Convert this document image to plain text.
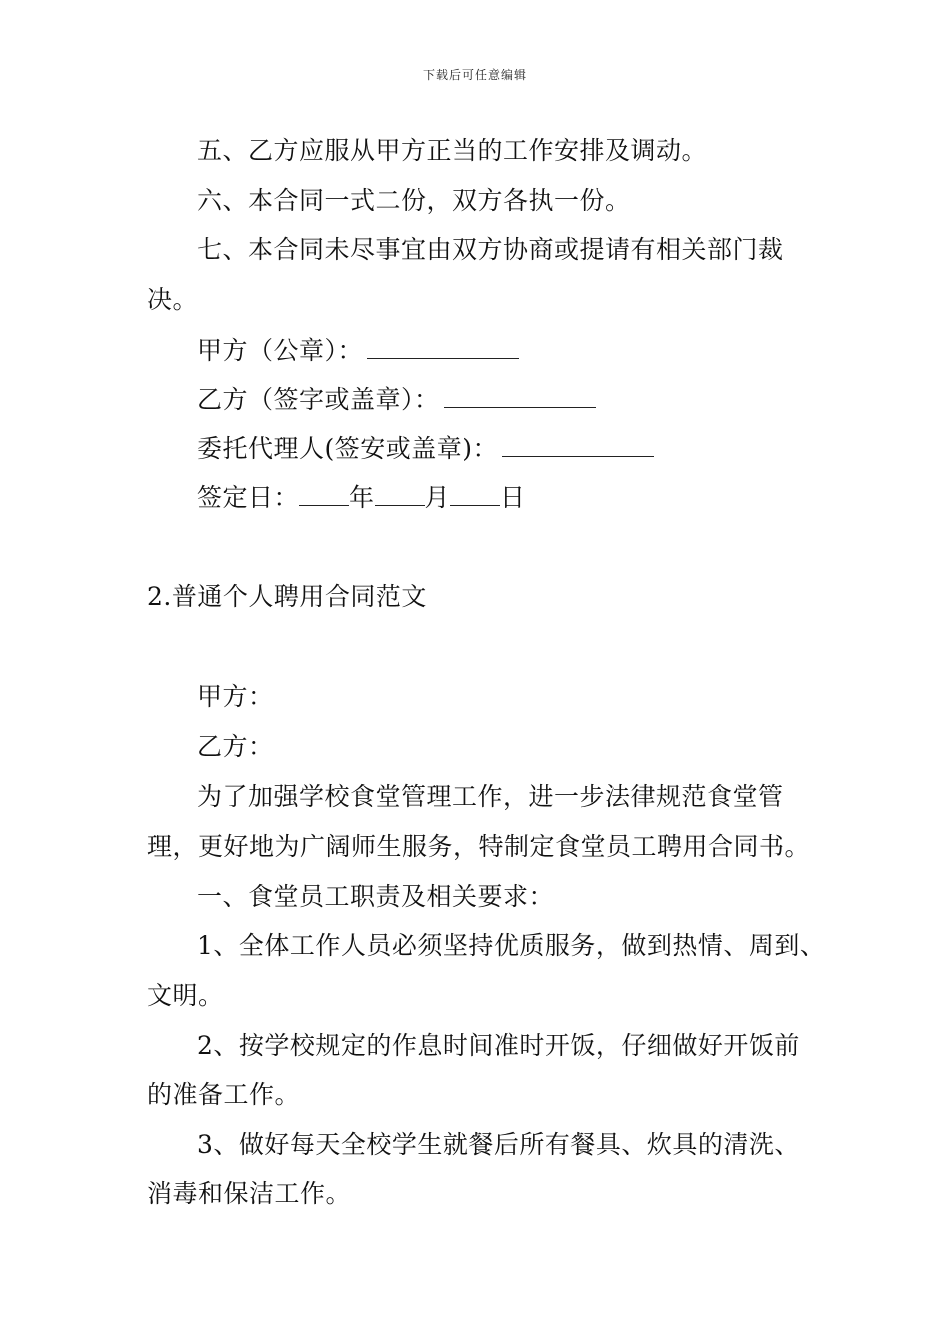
下载后可任意编辑
五、乙方应服从甲方正当的工作安排及调动。
六、本合同一式二份，双方各执一份。
七、本合同未尽事宜由双方协商或提请有相关部门裁
决。
甲方（公章）：
乙方（签字或盖章）：
委托代理人(签安或盖章)：
签定日： 年 月 日
2.普通个人聘用合同范文
甲方：
乙方：
为了加强学校食堂管理工作，进一步法律规范食堂管
理，更好地为广阔师生服务，特制定食堂员工聘用合同书。
一、食堂员工职责及相关要求：
1、全体工作人员必须坚持优质服务，做到热情、周到、
文明。
2、按学校规定的作息时间准时开饭，仔细做好开饭前
的准备工作。
3、做好每天全校学生就餐后所有餐具、炊具的清洗、
消毒和保洁工作。
